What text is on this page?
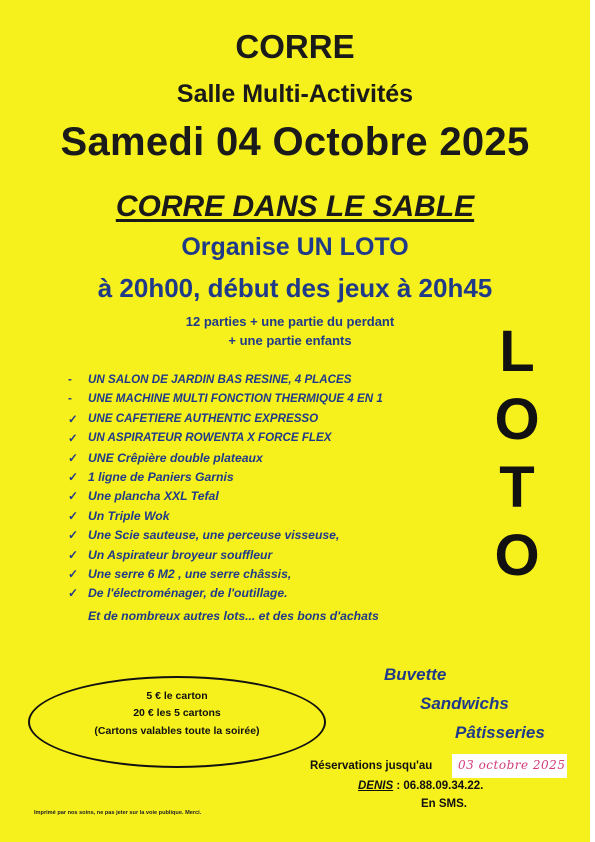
CORRE
Salle Multi-Activités
Samedi 04 Octobre 2025
CORRE DANS LE SABLE
Organise UN LOTO
à 20h00, début des jeux à 20h45
12 parties + une partie du perdant
+ une partie enfants	L
O
T
O
- UN SALON DE JARDIN BAS RESINE, 4 PLACES
- UNE MACHINE MULTI FONCTION THERMIQUE 4 EN 1
✓ UNE CAFETIERE AUTHENTIC EXPRESSO
✓ UN ASPIRATEUR ROWENTA X FORCE FLEX
✓ UNE Crêpière double plateaux
✓ 1 ligne de Paniers Garnis
✓ Une plancha XXL Tefal
✓ Un Triple Wok
✓ Une Scie sauteuse, une perceuse visseuse,
✓ Un Aspirateur broyeur souffleur
✓ Une serre 6 M2 , une serre châssis,
✓ De l'électroménager, de l'outillage.
Et de nombreux autres lots... et des bons d'achats
5 € le carton
20 € les 5 cartons
(Cartons valables toute la soirée)
Buvette
Sandwichs
Pâtisseries
Réservations jusqu'au 03 octobre 2025
DENIS : 06.88.09.34.22.
En SMS.
Imprimé par nos soins, ne pas jeter sur la voie publique. Merci.
